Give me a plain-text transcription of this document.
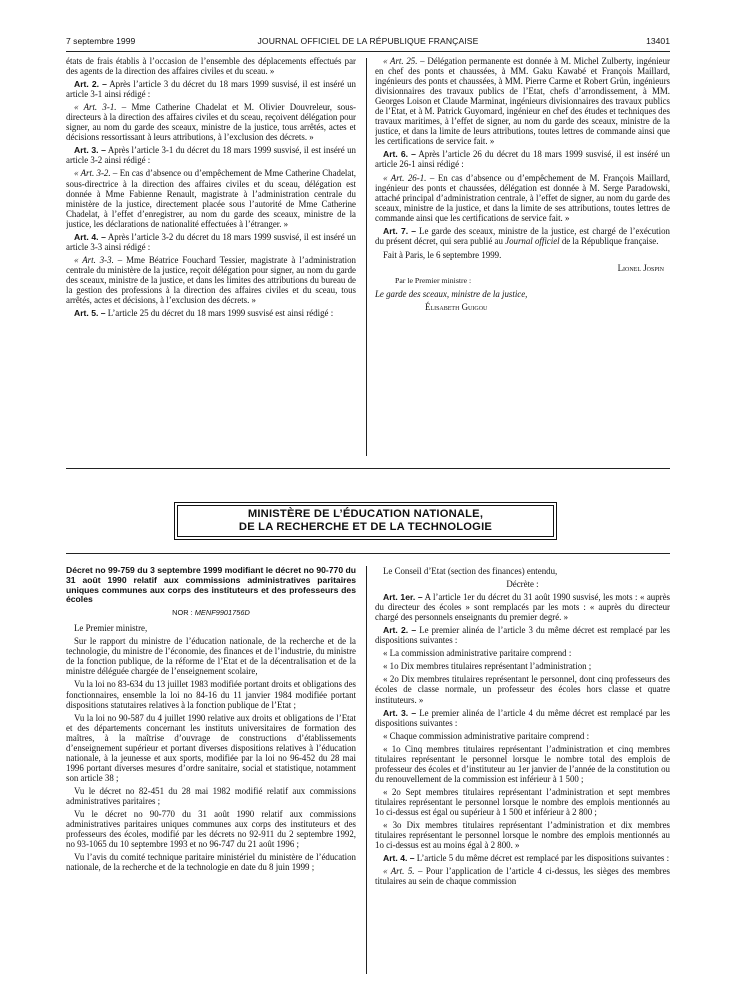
7 septembre 1999	JOURNAL OFFICIEL DE LA RÉPUBLIQUE FRANÇAISE	13401

états de frais établis à l’occasion de l’ensemble des déplacements effectués par des agents de la direction des affaires civiles et du sceau. »

Art. 2. – Après l’article 3 du décret du 18 mars 1999 susvisé, il est inséré un article 3-1 ainsi rédigé :

« Art. 3-1. – Mme Catherine Chadelat et M. Olivier Douvreleur, sous-directeurs à la direction des affaires civiles et du sceau, reçoivent délégation pour signer, au nom du garde des sceaux, ministre de la justice, tous arrêtés, actes et décisions ressortissant à leurs attributions, à l’exclusion des décrets. »

Art. 3. – Après l’article 3-1 du décret du 18 mars 1999 susvisé, il est inséré un article 3-2 ainsi rédigé :

« Art. 3-2. – En cas d’absence ou d’empêchement de Mme Catherine Chadelat, sous-directrice à la direction des affaires civiles et du sceau, délégation est donnée à Mme Fabienne Renault, magistrate à l’administration centrale du ministère de la justice, directement placée sous l’autorité de Mme Catherine Chadelat, à l’effet d’enregistrer, au nom du garde des sceaux, ministre de la justice, les déclarations de nationalité effectuées à l’étranger. »

Art. 4. – Après l’article 3-2 du décret du 18 mars 1999 susvisé, il est inséré un article 3-3 ainsi rédigé :

« Art. 3-3. – Mme Béatrice Fouchard Tessier, magistrate à l’administration centrale du ministère de la justice, reçoit délégation pour signer, au nom du garde des sceaux, ministre de la justice, et dans les limites des attributions du bureau de la gestion des professions à la direction des affaires civiles et du sceau, tous arrêtés, actes et décisions, à l’exclusion des décrets. »

Art. 5. – L’article 25 du décret du 18 mars 1999 susvisé est ainsi rédigé :

« Art. 25. – Délégation permanente est donnée à M. Michel Zulberty, ingénieur en chef des ponts et chaussées, à MM. Gaku Kawabé et François Maillard, ingénieurs des ponts et chaussées, à MM. Pierre Carme et Robert Grün, ingénieurs divisionnaires des travaux publics de l’Etat, chefs d’arrondissement, à MM. Georges Loison et Claude Marminat, ingénieurs divisionnaires des travaux publics de l’Etat, et à M. Patrick Guyomard, ingénieur en chef des études et techniques des travaux maritimes, à l’effet de signer, au nom du garde des sceaux, ministre de la justice, et dans la limite de leurs attributions, toutes lettres de commande ainsi que les certifications de service fait. »

Art. 6. – Après l’article 26 du décret du 18 mars 1999 susvisé, il est inséré un article 26-1 ainsi rédigé :

« Art. 26-1. – En cas d’absence ou d’empêchement de M. François Maillard, ingénieur des ponts et chaussées, délégation est donnée à M. Serge Paradowski, attaché principal d’administration centrale, à l’effet de signer, au nom du garde des sceaux, ministre de la justice, et dans la limite de ses attributions, toutes lettres de commande ainsi que les certifications de service fait. »

Art. 7. – Le garde des sceaux, ministre de la justice, est chargé de l’exécution du présent décret, qui sera publié au Journal officiel de la République française.

Fait à Paris, le 6 septembre 1999.

Lionel Jospin

Par le Premier ministre :

Le garde des sceaux, ministre de la justice,

Élisabeth Guigou

MINISTÈRE DE L’ÉDUCATION NATIONALE,
DE LA RECHERCHE ET DE LA TECHNOLOGIE

Décret no 99-759 du 3 septembre 1999 modifiant le décret no 90-770 du 31 août 1990 relatif aux commissions administratives paritaires uniques communes aux corps des instituteurs et des professeurs des écoles

NOR : MENF9901756D

Le Premier ministre,

Sur le rapport du ministre de l’éducation nationale, de la recherche et de la technologie, du ministre de l’économie, des finances et de l’industrie, du ministre de la fonction publique, de la réforme de l’Etat et de la décentralisation et de la ministre déléguée chargée de l’enseignement scolaire,

Vu la loi no 83-634 du 13 juillet 1983 modifiée portant droits et obligations des fonctionnaires, ensemble la loi no 84-16 du 11 janvier 1984 modifiée portant dispositions statutaires relatives à la fonction publique de l’Etat ;

Vu la loi no 90-587 du 4 juillet 1990 relative aux droits et obligations de l’Etat et des départements concernant les instituts universitaires de formation des maîtres, à la maîtrise d’ouvrage de constructions d’établissements d’enseignement supérieur et portant diverses dispositions relatives à l’éducation nationale, à la jeunesse et aux sports, modifiée par la loi no 96-452 du 28 mai 1996 portant diverses mesures d’ordre sanitaire, social et statistique, notamment son article 38 ;

Vu le décret no 82-451 du 28 mai 1982 modifié relatif aux commissions administratives paritaires ;

Vu le décret no 90-770 du 31 août 1990 relatif aux commissions administratives paritaires uniques communes aux corps des instituteurs et des professeurs des écoles, modifié par les décrets no 92-911 du 2 septembre 1992, no 93-1065 du 10 septembre 1993 et no 96-747 du 21 août 1996 ;

Vu l’avis du comité technique paritaire ministériel du ministère de l’éducation nationale, de la recherche et de la technologie en date du 8 juin 1999 ;

Le Conseil d’Etat (section des finances) entendu,

Décrète :

Art. 1er. – A l’article 1er du décret du 31 août 1990 susvisé, les mots : « auprès du directeur des écoles » sont remplacés par les mots : « auprès du directeur chargé des personnels enseignants du premier degré. »

Art. 2. – Le premier alinéa de l’article 3 du même décret est remplacé par les dispositions suivantes :

« La commission administrative paritaire comprend :

« 1o Dix membres titulaires représentant l’administration ;

« 2o Dix membres titulaires représentant le personnel, dont cinq professeurs des écoles de classe normale, un professeur des écoles hors classe et quatre instituteurs. »

Art. 3. – Le premier alinéa de l’article 4 du même décret est remplacé par les dispositions suivantes :

« Chaque commission administrative paritaire comprend :

« 1o Cinq membres titulaires représentant l’administration et cinq membres titulaires représentant le personnel lorsque le nombre total des emplois de professeur des écoles et d’instituteur au 1er janvier de l’année de la constitution ou du renouvellement de la commission est inférieur à 1 500 ;

« 2o Sept membres titulaires représentant l’administration et sept membres titulaires représentant le personnel lorsque le nombre des emplois mentionnés au 1o ci-dessus est égal ou supérieur à 1 500 et inférieur à 2 800 ;

« 3o Dix membres titulaires représentant l’administration et dix membres titulaires représentant le personnel lorsque le nombre des emplois mentionnés au 1o ci-dessus est au moins égal à 2 800. »

Art. 4. – L’article 5 du même décret est remplacé par les dispositions suivantes :

« Art. 5. – Pour l’application de l’article 4 ci-dessus, les sièges des membres titulaires au sein de chaque commission
